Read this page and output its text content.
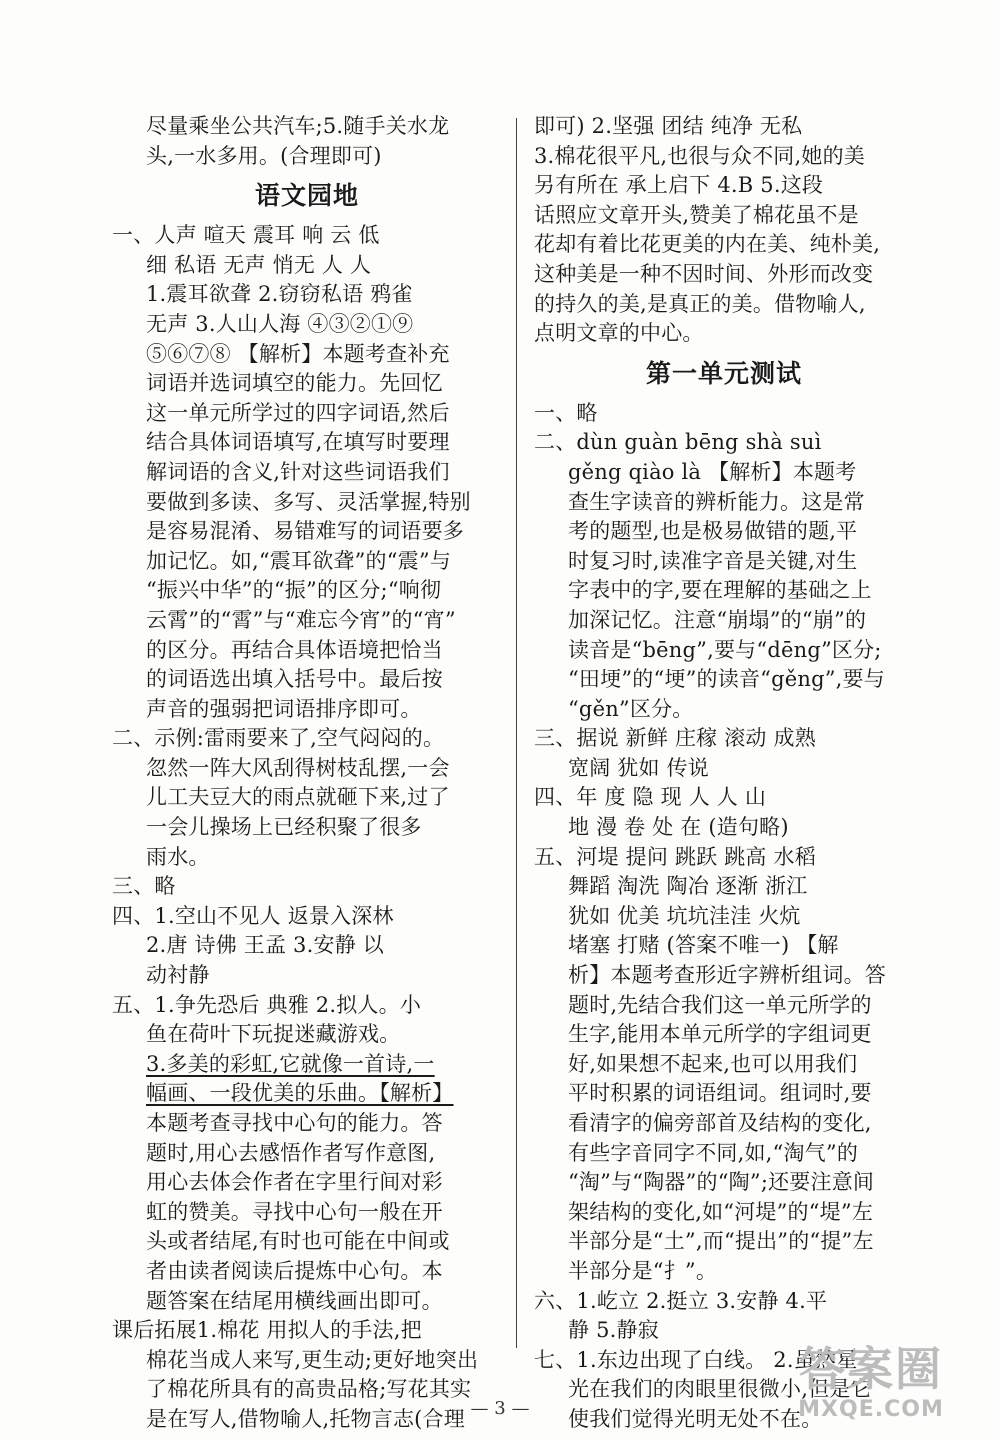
尽量乘坐公共汽车;5.随手关水龙
头,一水多用。(合理即可)
语文园地
一、人声 喧天 震耳 响 云 低
细 私语 无声 悄无 人 人
1.震耳欲聋 2.窃窃私语 鸦雀
无声 3.人山人海 ④③②①⑨
⑤⑥⑦⑧ 【解析】本题考查补充
词语并选词填空的能力。先回忆
这一单元所学过的四字词语,然后
结合具体词语填写,在填写时要理
解词语的含义,针对这些词语我们
要做到多读、多写、灵活掌握,特别
是容易混淆、易错难写的词语要多
加记忆。如,“震耳欲聋”的“震”与
“振兴中华”的“振”的区分;“响彻
云霄”的“霄”与“难忘今宵”的“宵”
的区分。再结合具体语境把恰当
的词语选出填入括号中。最后按
声音的强弱把词语排序即可。
二、示例:雷雨要来了,空气闷闷的。
忽然一阵大风刮得树枝乱摆,一会
儿工夫豆大的雨点就砸下来,过了
一会儿操场上已经积聚了很多
雨水。
三、略
四、1.空山不见人 返景入深林
2.唐 诗佛 王孟 3.安静 以
动衬静
五、1.争先恐后 典雅 2.拟人。小
鱼在荷叶下玩捉迷藏游戏。
3.多美的彩虹,它就像一首诗,一
幅画、一段优美的乐曲。【解析】
本题考查寻找中心句的能力。答
题时,用心去感悟作者写作意图,
用心去体会作者在字里行间对彩
虹的赞美。寻找中心句一般在开
头或者结尾,有时也可能在中间或
者由读者阅读后提炼中心句。本
题答案在结尾用横线画出即可。
课后拓展1.棉花 用拟人的手法,把
棉花当成人来写,更生动;更好地突出
了棉花所具有的高贵品格;写花其实
是在写人,借物喻人,托物言志(合理
即可) 2.坚强 团结 纯净 无私
3.棉花很平凡,也很与众不同,她的美
另有所在 承上启下 4.B 5.这段
话照应文章开头,赞美了棉花虽不是
花却有着比花更美的内在美、纯朴美,
这种美是一种不因时间、外形而改变
的持久的美,是真正的美。借物喻人,
点明文章的中心。
第一单元测试
一、略
二、dùn guàn bēng shà suì
gěng qiào là 【解析】本题考
查生字读音的辨析能力。这是常
考的题型,也是极易做错的题,平
时复习时,读准字音是关键,对生
字表中的字,要在理解的基础之上
加深记忆。注意“崩塌”的“崩”的
读音是“bēng”,要与“dēng”区分;
“田埂”的“埂”的读音“gěng”,要与
“gěn”区分。
三、据说 新鲜 庄稼 滚动 成熟
宽阔 犹如 传说
四、年 度 隐 现 人 人 山
地 漫 卷 处 在 (造句略)
五、河堤 提问 跳跃 跳高 水稻
舞蹈 淘洗 陶冶 逐渐 浙江
犹如 优美 坑坑洼洼 火炕
堵塞 打赌 (答案不唯一) 【解
析】本题考查形近字辨析组词。答
题时,先结合我们这一单元所学的
生字,能用本单元所学的字组词更
好,如果想不起来,也可以用我们
平时积累的词语组词。组词时,要
看清字的偏旁部首及结构的变化,
有些字音同字不同,如,“淘气”的
“淘”与“陶器”的“陶”;还要注意间
架结构的变化,如“河堤”的“堤”左
半部分是“土”,而“提出”的“提”左
半部分是“扌”。
六、1.屹立 2.挺立 3.安静 4.平
静 5.静寂
七、1.东边出现了白线。 2.虽然星
光在我们的肉眼里很微小,但是它
使我们觉得光明无处不在。
— 3 —
答案圈
MXQE.COM
